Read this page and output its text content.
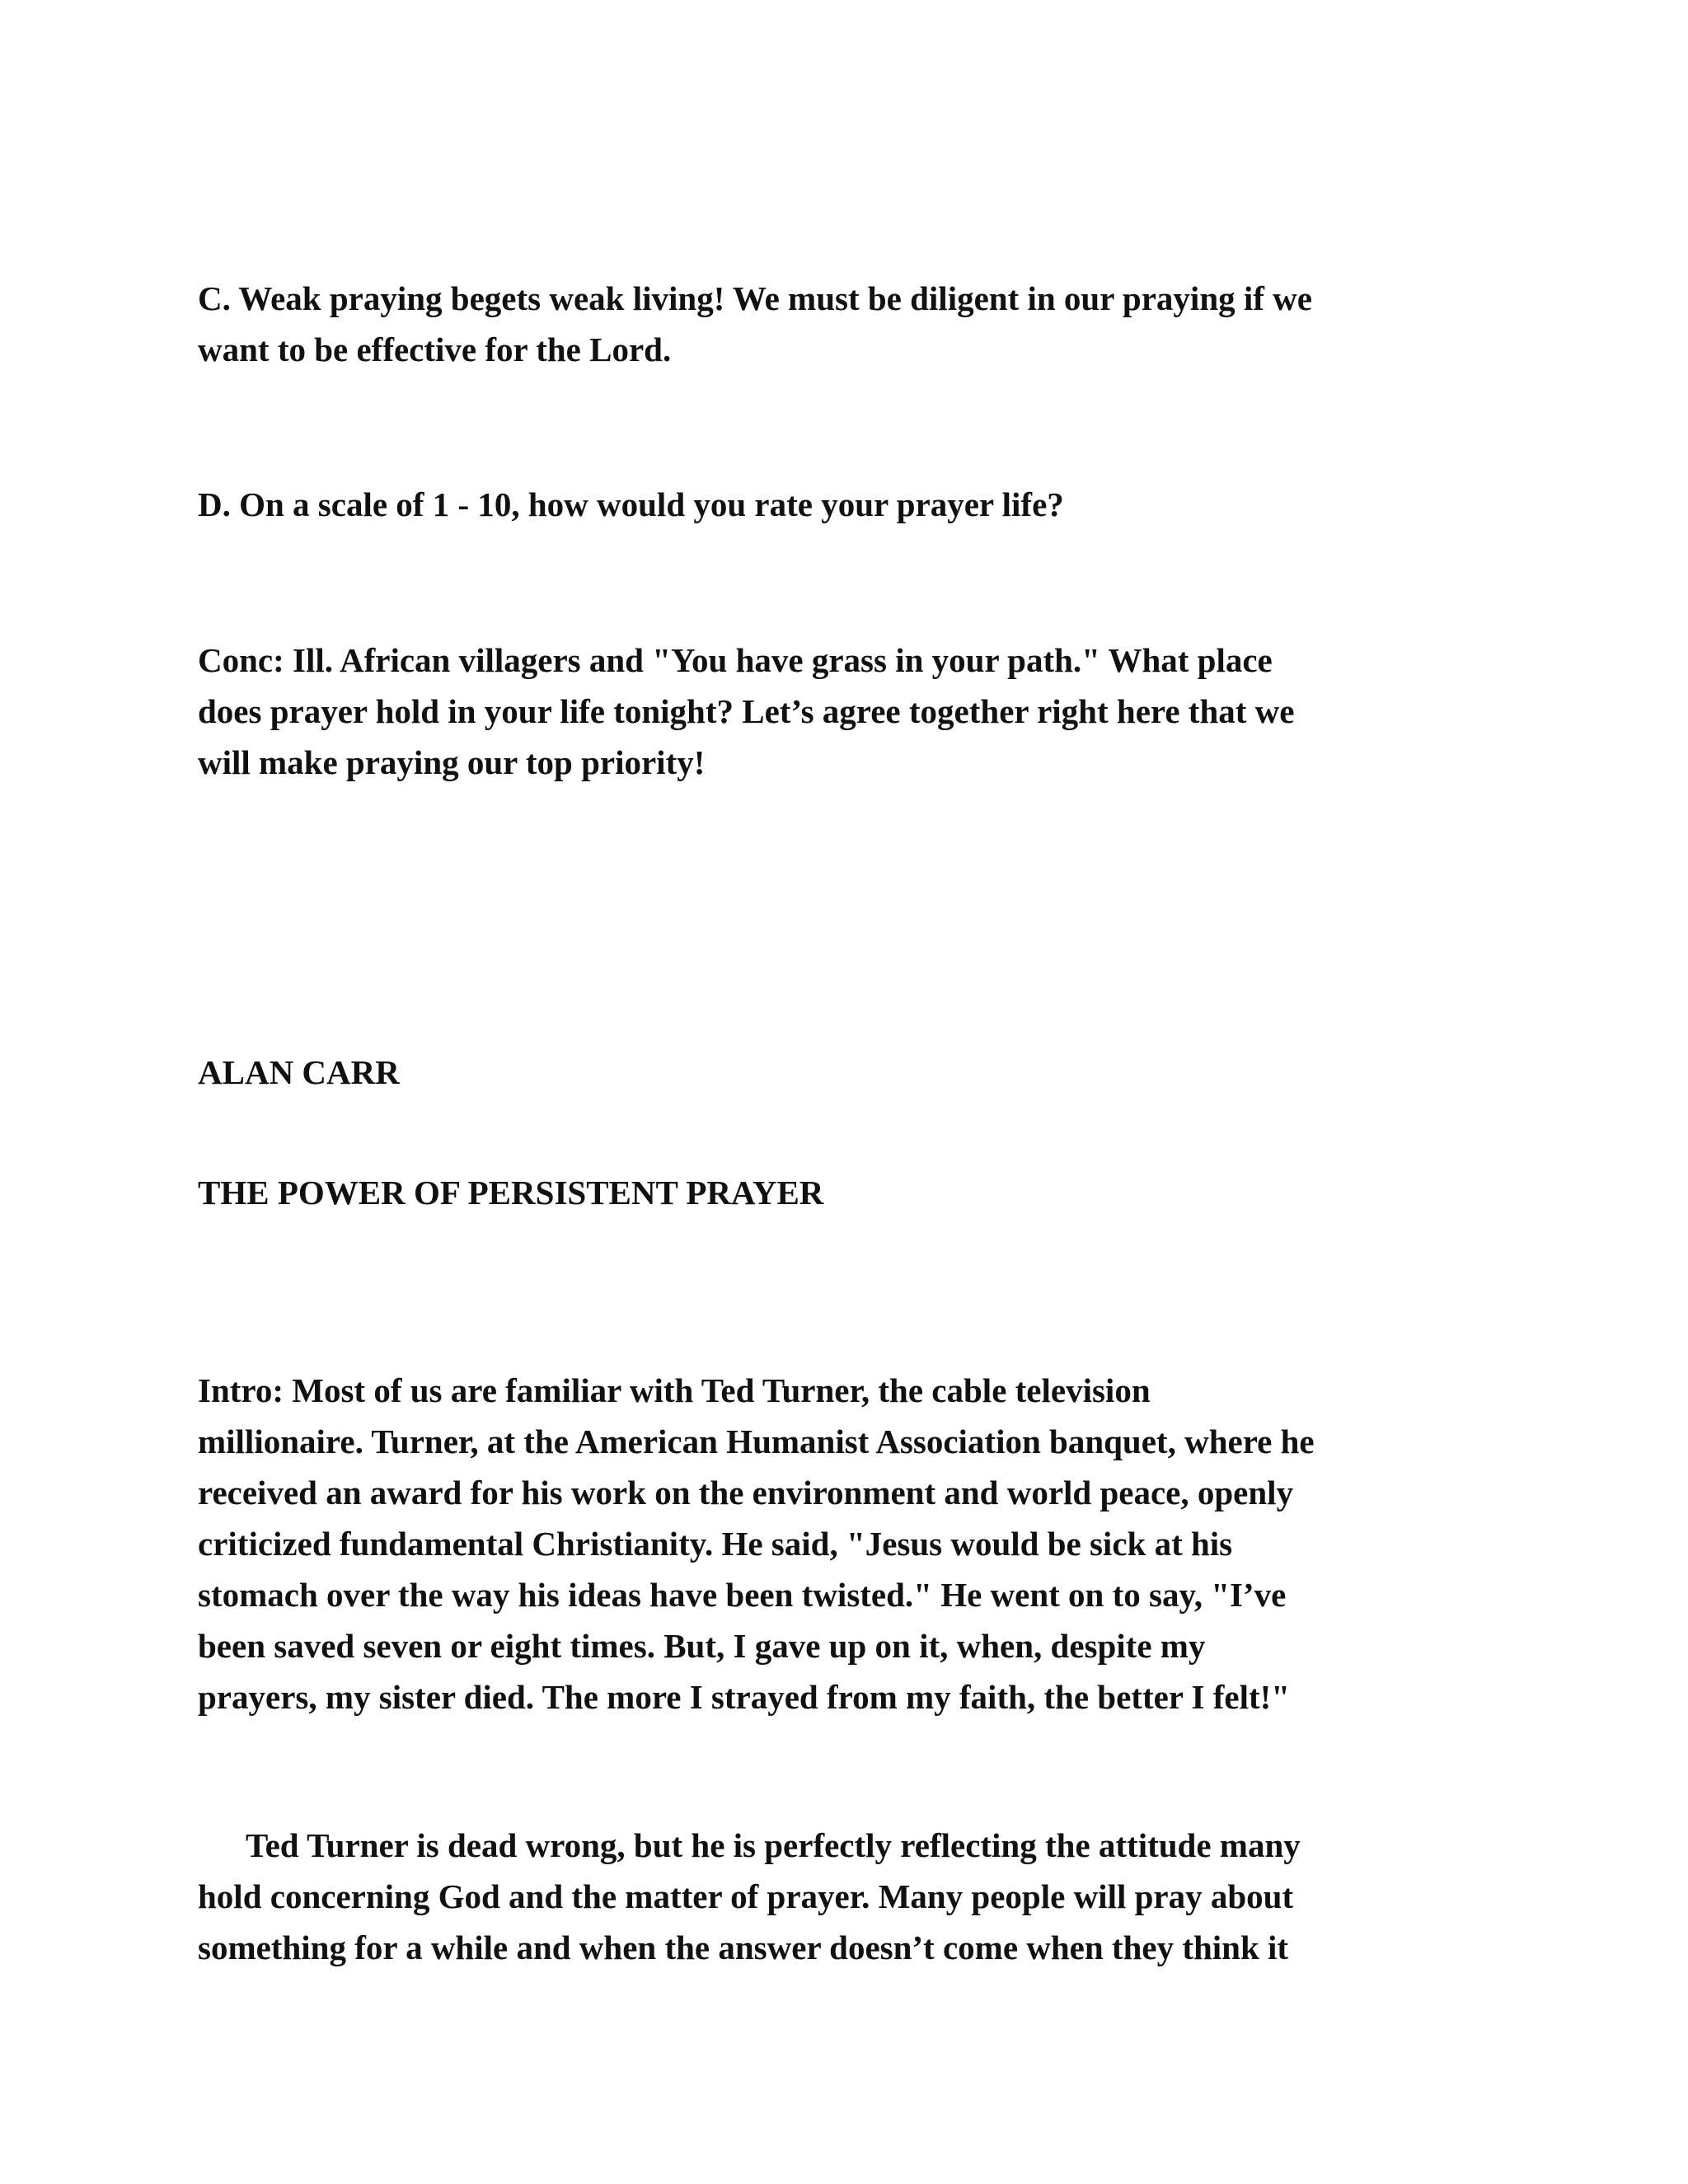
C. Weak praying begets weak living! We must be diligent in our praying if we
want to be effective for the Lord.

D. On a scale of 1 - 10, how would you rate your prayer life?

Conc: Ill. African villagers and "You have grass in your path." What place
does prayer hold in your life tonight? Let’s agree together right here that we
will make praying our top priority!

ALAN CARR

THE POWER OF PERSISTENT PRAYER

Intro: Most of us are familiar with Ted Turner, the cable television
millionaire. Turner, at the American Humanist Association banquet, where he
received an award for his work on the environment and world peace, openly
criticized fundamental Christianity. He said, "Jesus would be sick at his
stomach over the way his ideas have been twisted." He went on to say, "I’ve
been saved seven or eight times. But, I gave up on it, when, despite my
prayers, my sister died. The more I strayed from my faith, the better I felt!"

Ted Turner is dead wrong, but he is perfectly reflecting the attitude many
hold concerning God and the matter of prayer. Many people will pray about
something for a while and when the answer doesn’t come when they think it
